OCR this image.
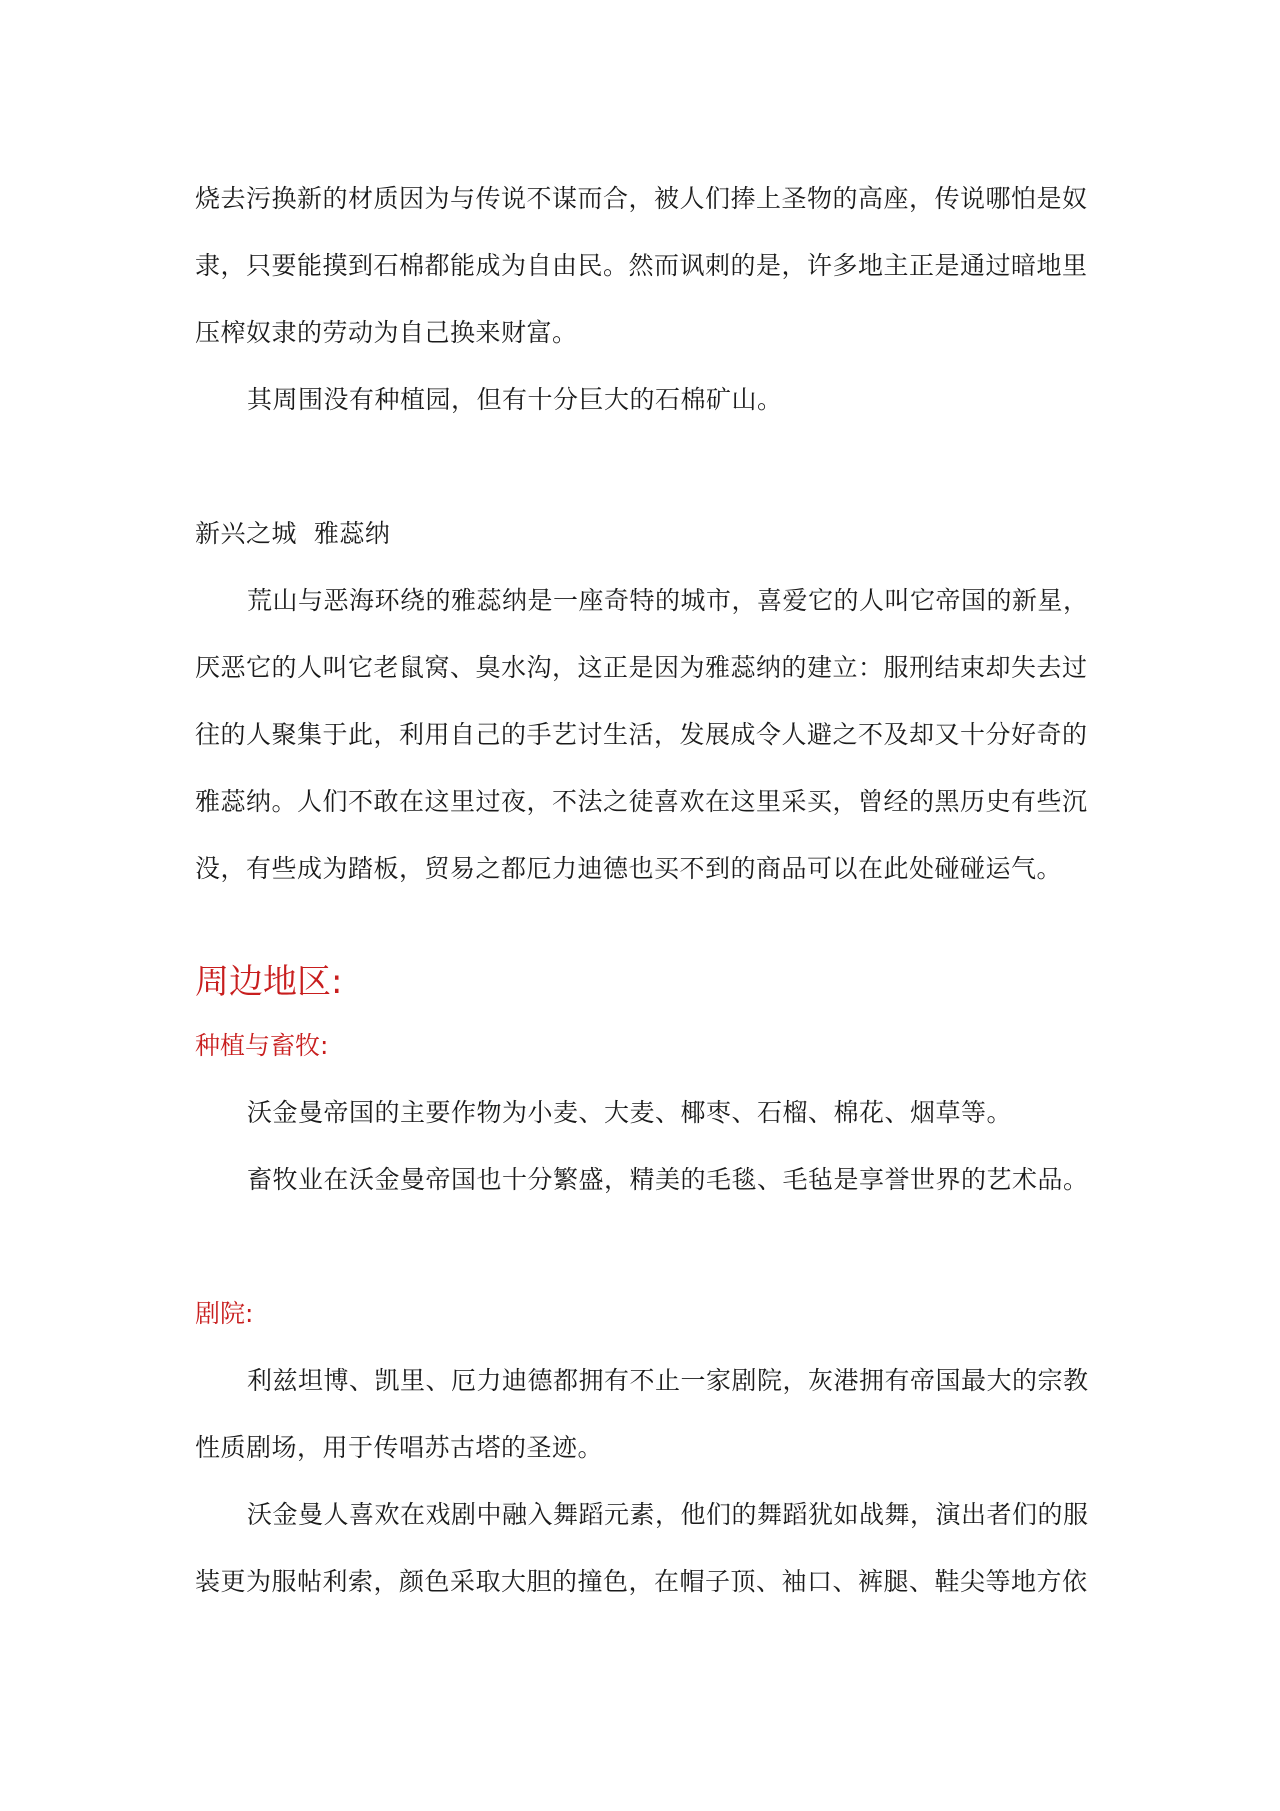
烧去污换新的材质因为与传说不谋而合，被人们捧上圣物的高座，传说哪怕是奴

隶，只要能摸到石棉都能成为自由民。然而讽刺的是，许多地主正是通过暗地里

压榨奴隶的劳动为自己换来财富。

其周围没有种植园，但有十分巨大的石棉矿山。

新兴之城  雅蕊纳

荒山与恶海环绕的雅蕊纳是一座奇特的城市，喜爱它的人叫它帝国的新星，

厌恶它的人叫它老鼠窝、臭水沟，这正是因为雅蕊纳的建立：服刑结束却失去过

往的人聚集于此，利用自己的手艺讨生活，发展成令人避之不及却又十分好奇的

雅蕊纳。人们不敢在这里过夜，不法之徒喜欢在这里采买，曾经的黑历史有些沉

没，有些成为踏板，贸易之都厄力迪德也买不到的商品可以在此处碰碰运气。

周边地区:

种植与畜牧:

沃金曼帝国的主要作物为小麦、大麦、椰枣、石榴、棉花、烟草等。

畜牧业在沃金曼帝国也十分繁盛，精美的毛毯、毛毡是享誉世界的艺术品。

剧院:

利兹坦博、凯里、厄力迪德都拥有不止一家剧院，灰港拥有帝国最大的宗教

性质剧场，用于传唱苏古塔的圣迹。

沃金曼人喜欢在戏剧中融入舞蹈元素，他们的舞蹈犹如战舞，演出者们的服

装更为服帖利索，颜色采取大胆的撞色，在帽子顶、袖口、裤腿、鞋尖等地方依
